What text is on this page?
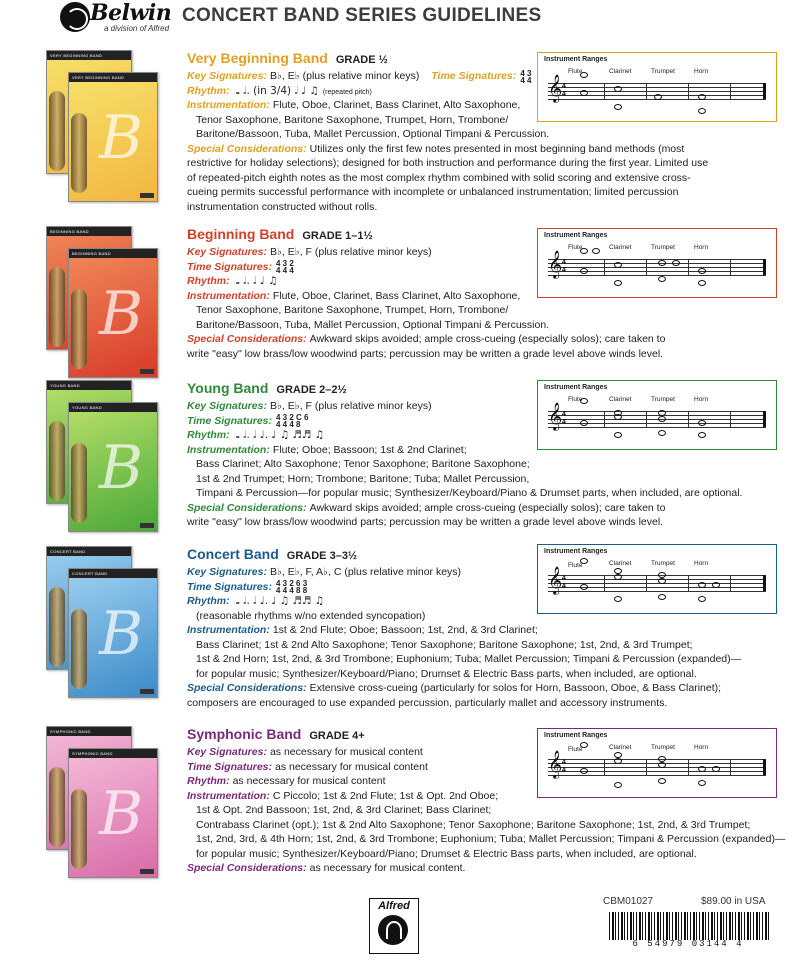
Belwin
a division of Alfred
CONCERT BAND SERIES GUIDELINES
VERY BEGINNING BAND
VERY BEGINNING BAND
B
Very Beginning Band GRADE ½
Key Signatures: B♭, E♭ (plus relative minor keys) Time Signatures: 4 3
4 4
Rhythm: 𝅝 𝅗𝅥. (in 3/4) 𝅗𝅥 ♩ ♫ (repeated pitch)
Instrumentation: Flute, Oboe, Clarinet, Bass Clarinet, Alto Saxophone,
Tenor Saxophone, Baritone Saxophone, Trumpet, Horn, Trombone/
Baritone/Bassoon, Tuba, Mallet Percussion, Optional Timpani & Percussion.
Special Considerations: Utilizes only the first few notes presented in most beginning band methods (most
restrictive for holiday selections); designed for both instruction and performance during the first year. Limited use
of repeated-pitch eighth notes as the most complex rhythm combined with solid scoring and extensive cross-
cueing permits successful performance with incomplete or unbalanced instrumentation; limited percussion
instrumentation constructed without rolls.
Instrument Ranges
Flute	Clarinet	Trumpet	Horn
𝄞 4
4
BEGINNING BAND
BEGINNING BAND
B
Beginning Band GRADE 1–1½
Key Signatures: B♭, E♭, F (plus relative minor keys)
Time Signatures: 4 3 2
4 4 4
Rhythm: 𝅝 𝅗𝅥. 𝅗𝅥 ♩ ♫
Instrumentation: Flute, Oboe, Clarinet, Bass Clarinet, Alto Saxophone,
Tenor Saxophone, Baritone Saxophone, Trumpet, Horn, Trombone/
Baritone/Bassoon, Tuba, Mallet Percussion, Optional Timpani & Percussion.
Special Considerations: Awkward skips avoided; ample cross-cueing (especially solos); care taken to
write "easy" low brass/low woodwind parts; percussion may be written a grade level above winds level.
Instrument Ranges
Flute	Clarinet	Trumpet	Horn
𝄞 4
4
YOUNG BAND
YOUNG BAND
B
Young Band GRADE 2–2½
Key Signatures: B♭, E♭, F (plus relative minor keys)
Time Signatures: 4 3 2 C 6
4 4 4 8
Rhythm: 𝅝 𝅗𝅥. 𝅗𝅥 ♩. ♩ ♫ ♬♬ ♫
Instrumentation: Flute; Oboe; Bassoon; 1st & 2nd Clarinet;
Bass Clarinet; Alto Saxophone; Tenor Saxophone; Baritone Saxophone;
1st & 2nd Trumpet; Horn; Trombone; Baritone; Tuba; Mallet Percussion,
Timpani & Percussion—for popular music; Synthesizer/Keyboard/Piano & Drumset parts, when included, are optional.
Special Considerations: Awkward skips avoided; ample cross-cueing (especially solos); care taken to
write "easy" low brass/low woodwind parts; percussion may be written a grade level above winds level.
Instrument Ranges
Flute	Clarinet	Trumpet	Horn
𝄞 4
4
CONCERT BAND
CONCERT BAND
B
Concert Band GRADE 3–3½
Key Signatures: B♭, E♭, F, A♭, C (plus relative minor keys)
Time Signatures: 4 3 2 6 3
4 4 4 8 8
Rhythm: 𝅝 𝅗𝅥. 𝅗𝅥 ♩. ♩ ♫ ♬♬ ♫
(reasonable rhythms w/no extended syncopation)
Instrumentation: 1st & 2nd Flute; Oboe; Bassoon; 1st, 2nd, & 3rd Clarinet;
Bass Clarinet; 1st & 2nd Alto Saxophone; Tenor Saxophone; Baritone Saxophone; 1st, 2nd, & 3rd Trumpet;
1st & 2nd Horn; 1st, 2nd, & 3rd Trombone; Euphonium; Tuba; Mallet Percussion; Timpani & Percussion (expanded)—
for popular music; Synthesizer/Keyboard/Piano; Drumset & Electric Bass parts, when included, are optional.
Special Considerations: Extensive cross-cueing (particularly for solos for Horn, Bassoon, Oboe, & Bass Clarinet);
composers are encouraged to use expanded percussion, particularly mallet and accessory instruments.
Instrument Ranges
Flute	Clarinet	Trumpet	Horn
𝄞 4
4
SYMPHONIC BAND
SYMPHONIC BAND
B
Symphonic Band GRADE 4+
Key Signatures: as necessary for musical content
Time Signatures: as necessary for musical content
Rhythm: as necessary for musical content
Instrumentation: C Piccolo; 1st & 2nd Flute; 1st & Opt. 2nd Oboe;
1st & Opt. 2nd Bassoon; 1st, 2nd, & 3rd Clarinet; Bass Clarinet;
Contrabass Clarinet (opt.); 1st & 2nd Alto Saxophone; Tenor Saxophone; Baritone Saxophone; 1st, 2nd, & 3rd Trumpet;
1st, 2nd, 3rd, & 4th Horn; 1st, 2nd, & 3rd Trombone; Euphonium; Tuba; Mallet Percussion; Timpani & Percussion (expanded)—
for popular music; Synthesizer/Keyboard/Piano; Drumset & Electric Bass parts, when included, are optional.
Special Considerations: as necessary for musical content.
Instrument Ranges
Flute	Clarinet	Trumpet	Horn
𝄞 4
4
Alfred	CBM01027	$89.00 in USA
6 54979 03144 4
